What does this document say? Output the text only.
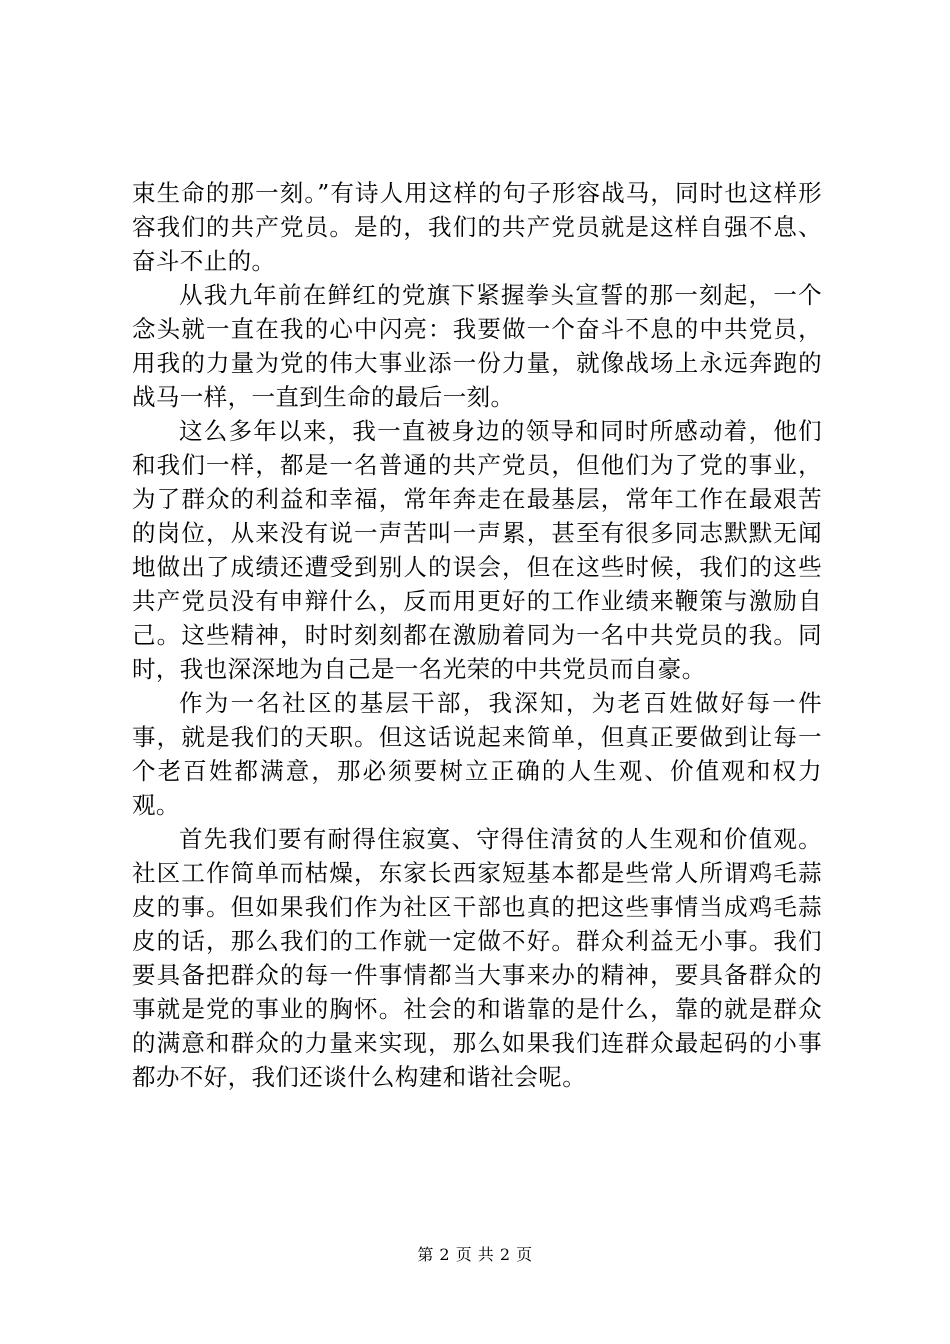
束生命的那一刻。”有诗人用这样的句子形容战马，同时也这样形容我们的共产党员。是的，我们的共产党员就是这样自强不息、奋斗不止的。

从我九年前在鲜红的党旗下紧握拳头宣誓的那一刻起，一个念头就一直在我的心中闪亮：我要做一个奋斗不息的中共党员，用我的力量为党的伟大事业添一份力量，就像战场上永远奔跑的战马一样，一直到生命的最后一刻。

这么多年以来，我一直被身边的领导和同时所感动着，他们和我们一样，都是一名普通的共产党员，但他们为了党的事业，为了群众的利益和幸福，常年奔走在最基层，常年工作在最艰苦的岗位，从来没有说一声苦叫一声累，甚至有很多同志默默无闻地做出了成绩还遭受到别人的误会，但在这些时候，我们的这些共产党员没有申辩什么，反而用更好的工作业绩来鞭策与激励自己。这些精神，时时刻刻都在激励着同为一名中共党员的我。同时，我也深深地为自己是一名光荣的中共党员而自豪。

作为一名社区的基层干部，我深知，为老百姓做好每一件事，就是我们的天职。但这话说起来简单，但真正要做到让每一个老百姓都满意，那必须要树立正确的人生观、价值观和权力观。

首先我们要有耐得住寂寞、守得住清贫的人生观和价值观。社区工作简单而枯燥，东家长西家短基本都是些常人所谓鸡毛蒜皮的事。但如果我们作为社区干部也真的把这些事情当成鸡毛蒜皮的话，那么我们的工作就一定做不好。群众利益无小事。我们要具备把群众的每一件事情都当大事来办的精神，要具备群众的事就是党的事业的胸怀。社会的和谐靠的是什么，靠的就是群众的满意和群众的力量来实现，那么如果我们连群众最起码的小事都办不好，我们还谈什么构建和谐社会呢。

第 2 页 共 2 页
